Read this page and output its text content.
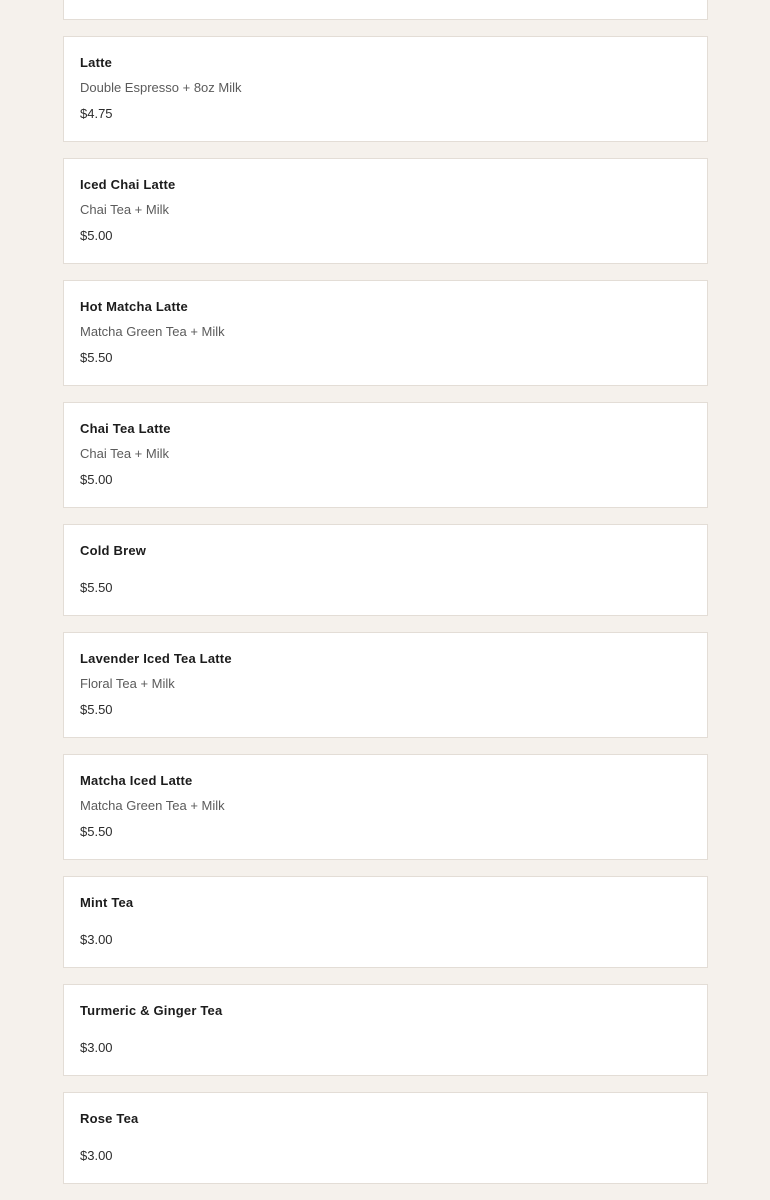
Latte
Double Espresso + 8oz Milk
$4.75
Iced Chai Latte
Chai Tea + Milk
$5.00
Hot Matcha Latte
Matcha Green Tea + Milk
$5.50
Chai Tea Latte
Chai Tea + Milk
$5.00
Cold Brew
$5.50
Lavender Iced Tea Latte
Floral Tea + Milk
$5.50
Matcha Iced Latte
Matcha Green Tea + Milk
$5.50
Mint Tea
$3.00
Turmeric & Ginger Tea
$3.00
Rose Tea
$3.00
